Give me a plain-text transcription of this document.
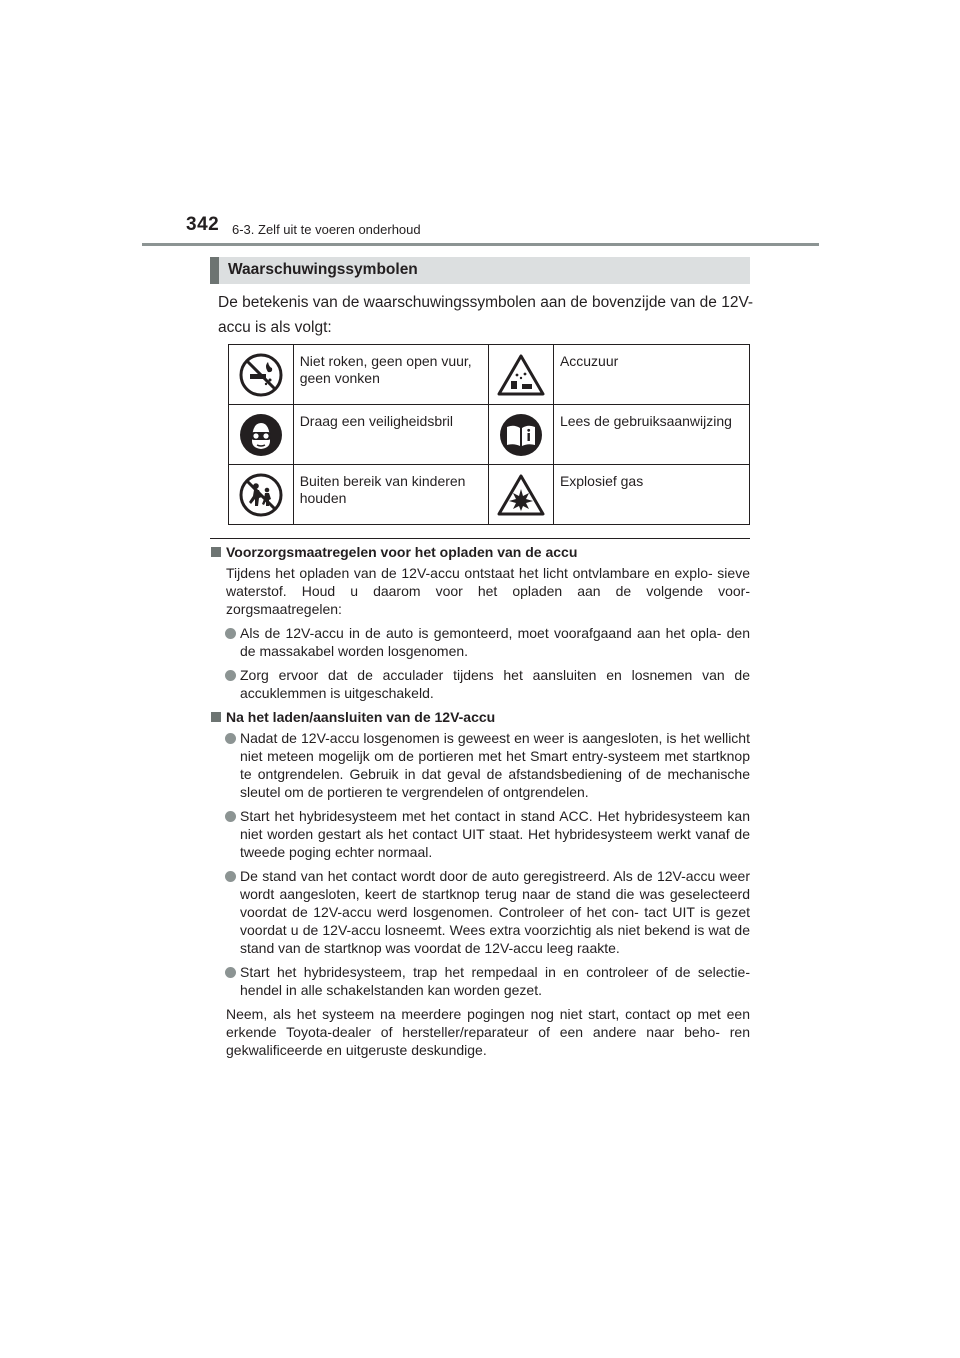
342 6-3. Zelf uit te voeren onderhoud
Waarschuwingssymbolen
De betekenis van de waarschuwingssymbolen aan de bovenzijde van de 12V-accu is als volgt:

Niet roken, geen open vuur, geen vonken		Accuzuur

Draag een veiligheidsbril		Lees de gebruiksaanwijzing

Buiten bereik van kinderen houden		Explosief gas
Voorzorgsmaatregelen voor het opladen van de accu
Tijdens het opladen van de 12V-accu ontstaat het licht ontvlambare en explo- sieve waterstof. Houd u daarom voor het opladen aan de volgende voor- zorgsmaatregelen:
Als de 12V-accu in de auto is gemonteerd, moet voorafgaand aan het opla- den de massakabel worden losgenomen.
Zorg ervoor dat de acculader tijdens het aansluiten en losnemen van de accuklemmen is uitgeschakeld.
Na het laden/aansluiten van de 12V-accu
Nadat de 12V-accu losgenomen is geweest en weer is aangesloten, is het wellicht niet meteen mogelijk om de portieren met het Smart entry-systeem met startknop te ontgrendelen. Gebruik in dat geval de afstandsbediening of de mechanische sleutel om de portieren te vergrendelen of ontgrendelen.
Start het hybridesysteem met het contact in stand ACC. Het hybridesysteem kan niet worden gestart als het contact UIT staat. Het hybridesysteem werkt vanaf de tweede poging echter normaal.
De stand van het contact wordt door de auto geregistreerd. Als de 12V-accu weer wordt aangesloten, keert de startknop terug naar de stand die was geselecteerd voordat de 12V-accu werd losgenomen. Controleer of het con- tact UIT is gezet voordat u de 12V-accu losneemt. Wees extra voorzichtig als niet bekend is wat de stand van de startknop was voordat de 12V-accu leeg raakte.
Start het hybridesysteem, trap het rempedaal in en controleer of de selectie- hendel in alle schakelstanden kan worden gezet.
Neem, als het systeem na meerdere pogingen nog niet start, contact op met een erkende Toyota-dealer of hersteller/reparateur of een andere naar beho- ren gekwalificeerde en uitgeruste deskundige.
